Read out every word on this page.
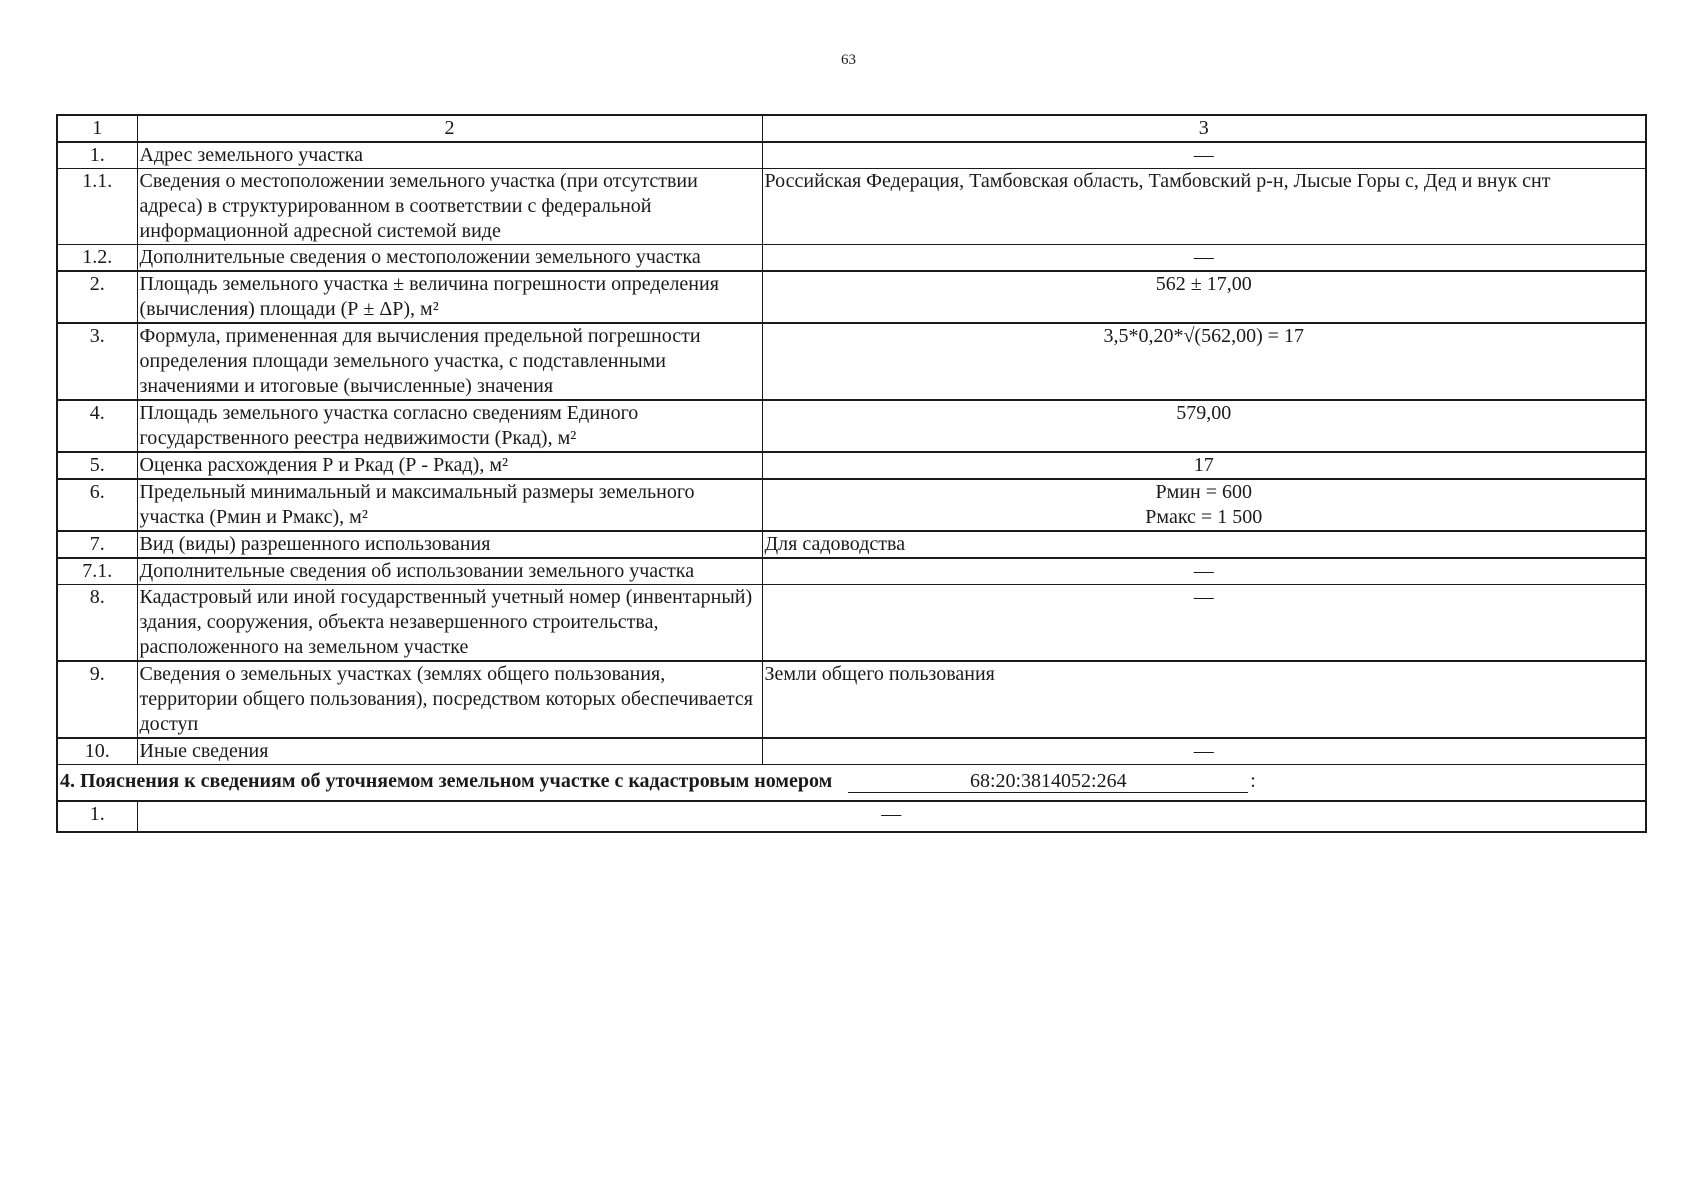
63
1	2	3
1.	Адрес земельного участка	—
1.1.	Сведения о местоположении земельного участка (при отсутствии адреса) в структурированном в соответствии с федеральной информационной адресной системой виде	Российская Федерация, Тамбовская область, Тамбовский р-н, Лысые Горы с, Дед и внук снт
1.2.	Дополнительные сведения о местоположении земельного участка	—
2.	Площадь земельного участка ± величина погрешности определения (вычисления) площади (Р ± ΔР), м²	562 ± 17,00
3.	Формула, примененная для вычисления предельной погрешности определения площади земельного участка, с подставленными значениями и итоговые (вычисленные) значения	3,5*0,20*√(562,00) = 17
4.	Площадь земельного участка согласно сведениям Единого государственного реестра недвижимости (Ркад), м²	579,00
5.	Оценка расхождения Р и Ркад (Р - Ркад), м²	17
6.	Предельный минимальный и максимальный размеры земельного участка (Рмин и Рмакс), м²	Рмин = 600
Рмакс = 1 500
7.	Вид (виды) разрешенного использования	Для садоводства
7.1.	Дополнительные сведения об использовании земельного участка	—
8.	Кадастровый или иной государственный учетный номер (инвентарный) здания, сооружения, объекта незавершенного строительства, расположенного на земельном участке	—
9.	Сведения о земельных участках (землях общего пользования, территории общего пользования), посредством которых обеспечивается доступ	Земли общего пользования
10.	Иные сведения	—
4. Пояснения к сведениям об уточняемом земельном участке с кадастровым номером 68:20:3814052:264 :		
1.	—	
